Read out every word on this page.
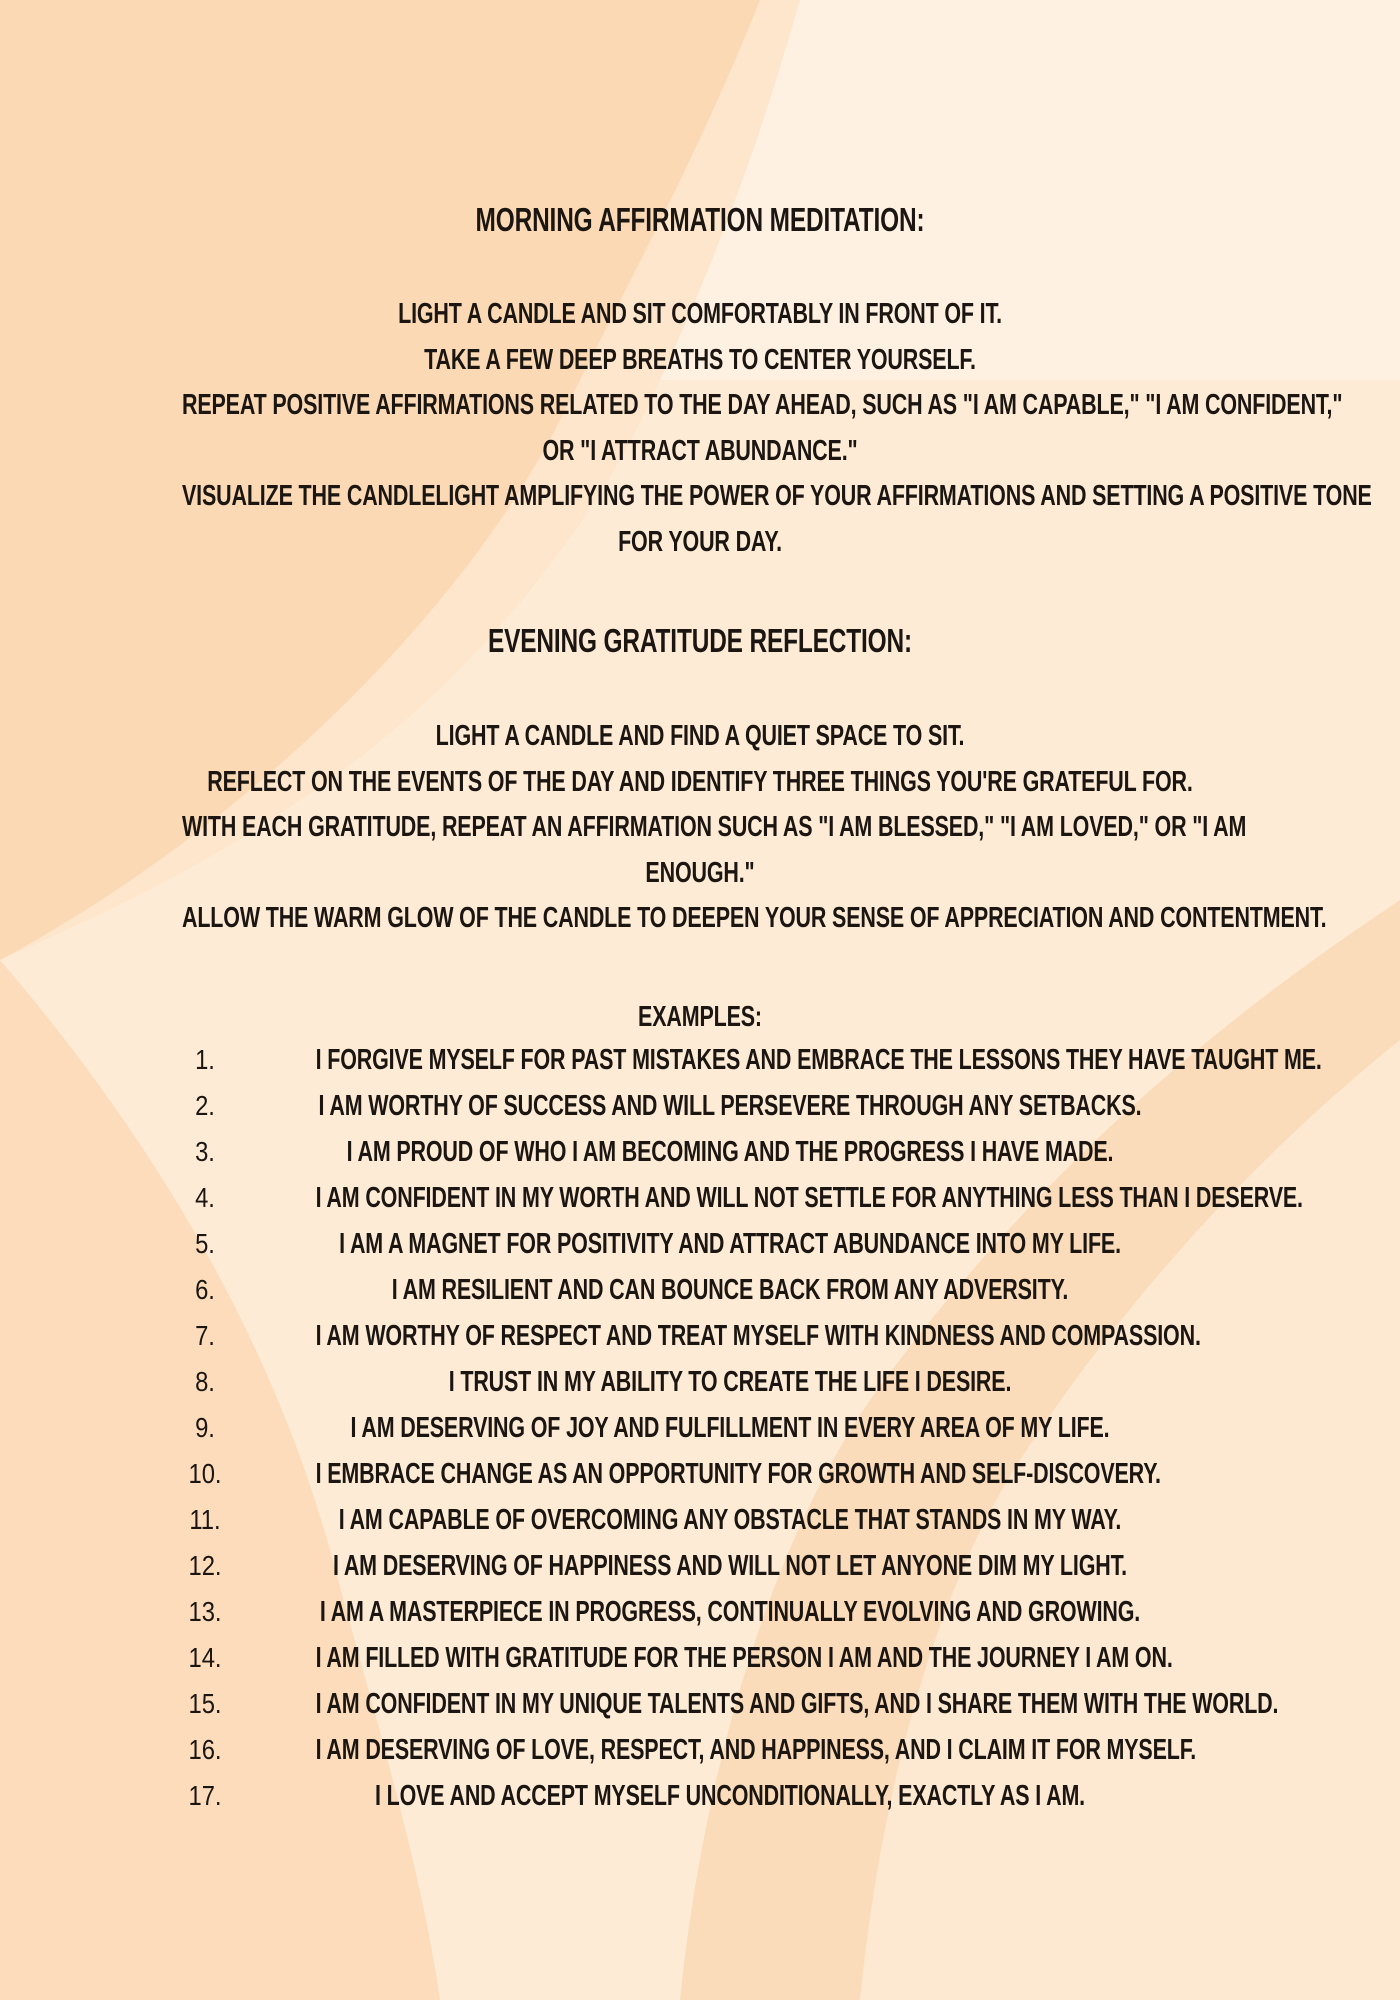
MORNING AFFIRMATION MEDITATION:
LIGHT A CANDLE AND SIT COMFORTABLY IN FRONT OF IT.
TAKE A FEW DEEP BREATHS TO CENTER YOURSELF.
REPEAT POSITIVE AFFIRMATIONS RELATED TO THE DAY AHEAD, SUCH AS "I AM CAPABLE," "I AM CONFIDENT,"
OR "I ATTRACT ABUNDANCE."
VISUALIZE THE CANDLELIGHT AMPLIFYING THE POWER OF YOUR AFFIRMATIONS AND SETTING A POSITIVE TONE
FOR YOUR DAY.
EVENING GRATITUDE REFLECTION:
LIGHT A CANDLE AND FIND A QUIET SPACE TO SIT.
REFLECT ON THE EVENTS OF THE DAY AND IDENTIFY THREE THINGS YOU'RE GRATEFUL FOR.
WITH EACH GRATITUDE, REPEAT AN AFFIRMATION SUCH AS "I AM BLESSED," "I AM LOVED," OR "I AM
ENOUGH."
ALLOW THE WARM GLOW OF THE CANDLE TO DEEPEN YOUR SENSE OF APPRECIATION AND CONTENTMENT.
EXAMPLES:
1.	I FORGIVE MYSELF FOR PAST MISTAKES AND EMBRACE THE LESSONS THEY HAVE TAUGHT ME.
2.	I AM WORTHY OF SUCCESS AND WILL PERSEVERE THROUGH ANY SETBACKS.
3.	I AM PROUD OF WHO I AM BECOMING AND THE PROGRESS I HAVE MADE.
4.	I AM CONFIDENT IN MY WORTH AND WILL NOT SETTLE FOR ANYTHING LESS THAN I DESERVE.
5.	I AM A MAGNET FOR POSITIVITY AND ATTRACT ABUNDANCE INTO MY LIFE.
6.	I AM RESILIENT AND CAN BOUNCE BACK FROM ANY ADVERSITY.
7.	I AM WORTHY OF RESPECT AND TREAT MYSELF WITH KINDNESS AND COMPASSION.
8.	I TRUST IN MY ABILITY TO CREATE THE LIFE I DESIRE.
9.	I AM DESERVING OF JOY AND FULFILLMENT IN EVERY AREA OF MY LIFE.
10.	I EMBRACE CHANGE AS AN OPPORTUNITY FOR GROWTH AND SELF-DISCOVERY.
11.	I AM CAPABLE OF OVERCOMING ANY OBSTACLE THAT STANDS IN MY WAY.
12.	I AM DESERVING OF HAPPINESS AND WILL NOT LET ANYONE DIM MY LIGHT.
13.	I AM A MASTERPIECE IN PROGRESS, CONTINUALLY EVOLVING AND GROWING.
14.	I AM FILLED WITH GRATITUDE FOR THE PERSON I AM AND THE JOURNEY I AM ON.
15.	I AM CONFIDENT IN MY UNIQUE TALENTS AND GIFTS, AND I SHARE THEM WITH THE WORLD.
16.	I AM DESERVING OF LOVE, RESPECT, AND HAPPINESS, AND I CLAIM IT FOR MYSELF.
17.	I LOVE AND ACCEPT MYSELF UNCONDITIONALLY, EXACTLY AS I AM.
